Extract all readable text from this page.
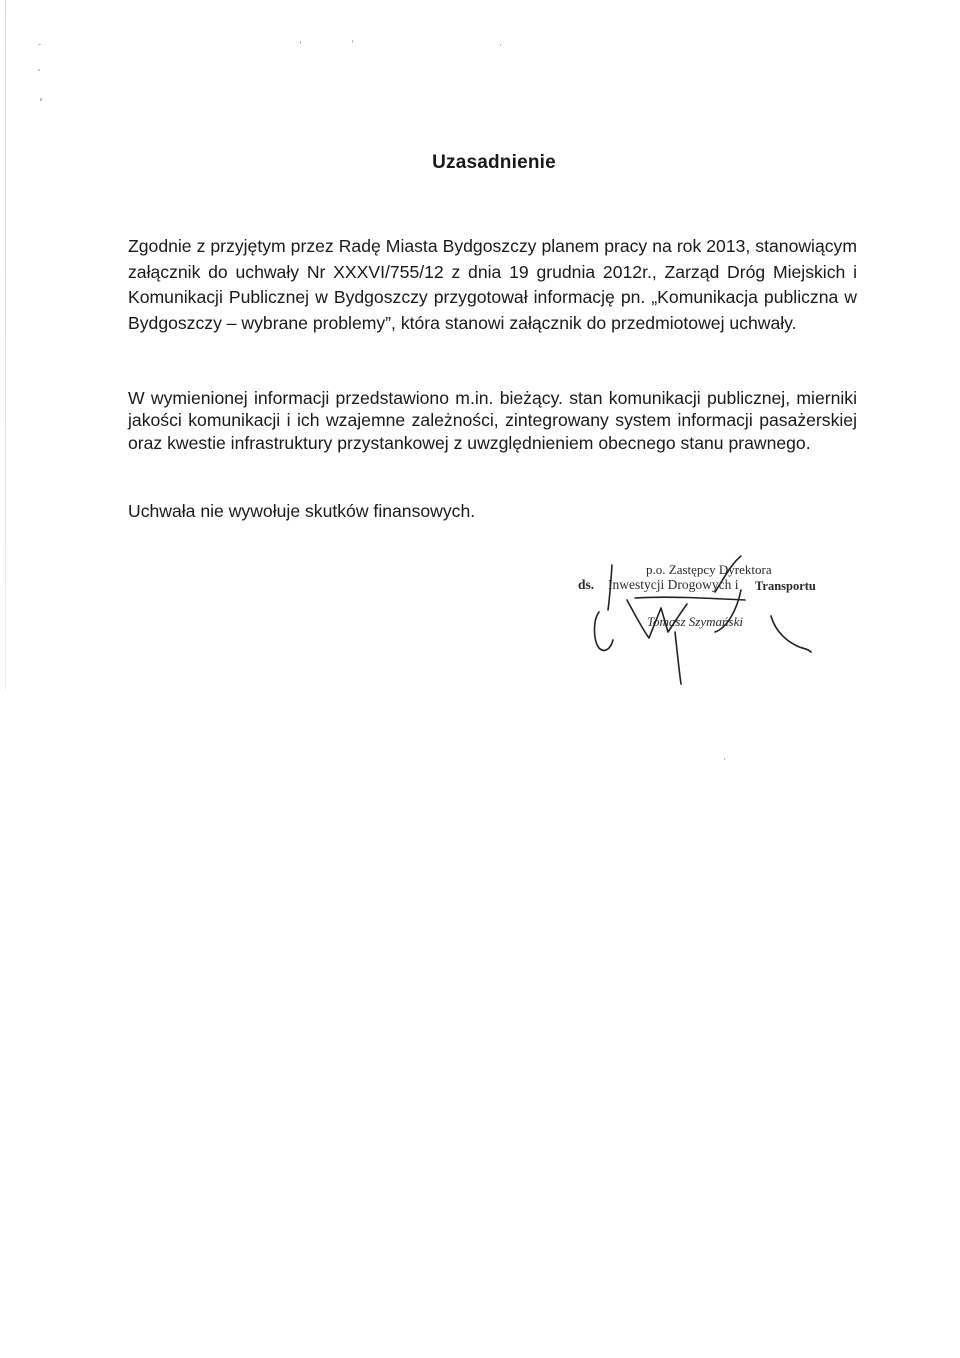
Uzasadnienie
Zgodnie z przyjętym przez Radę Miasta Bydgoszczy planem pracy na rok 2013, stanowiącym załącznik do uchwały Nr XXXVI/755/12 z dnia 19 grudnia 2012r., Zarząd Dróg Miejskich i Komunikacji Publicznej w Bydgoszczy przygotował informację pn. „Komunikacja publiczna w Bydgoszczy – wybrane problemy”, która stanowi załącznik do przedmiotowej uchwały.
W wymienionej informacji przedstawiono m.in. bieżący. stan komunikacji publicznej, mierniki jakości komunikacji i ich wzajemne zależności, zintegrowany system informacji pasażerskiej oraz kwestie infrastruktury przystankowej z uwzględnieniem obecnego stanu prawnego.
Uchwała nie wywołuje skutków finansowych.
p.o. Zastępcy Dyrektora
ds. Inwestycji Drogowych i Transportu
Tomasz Szymański
